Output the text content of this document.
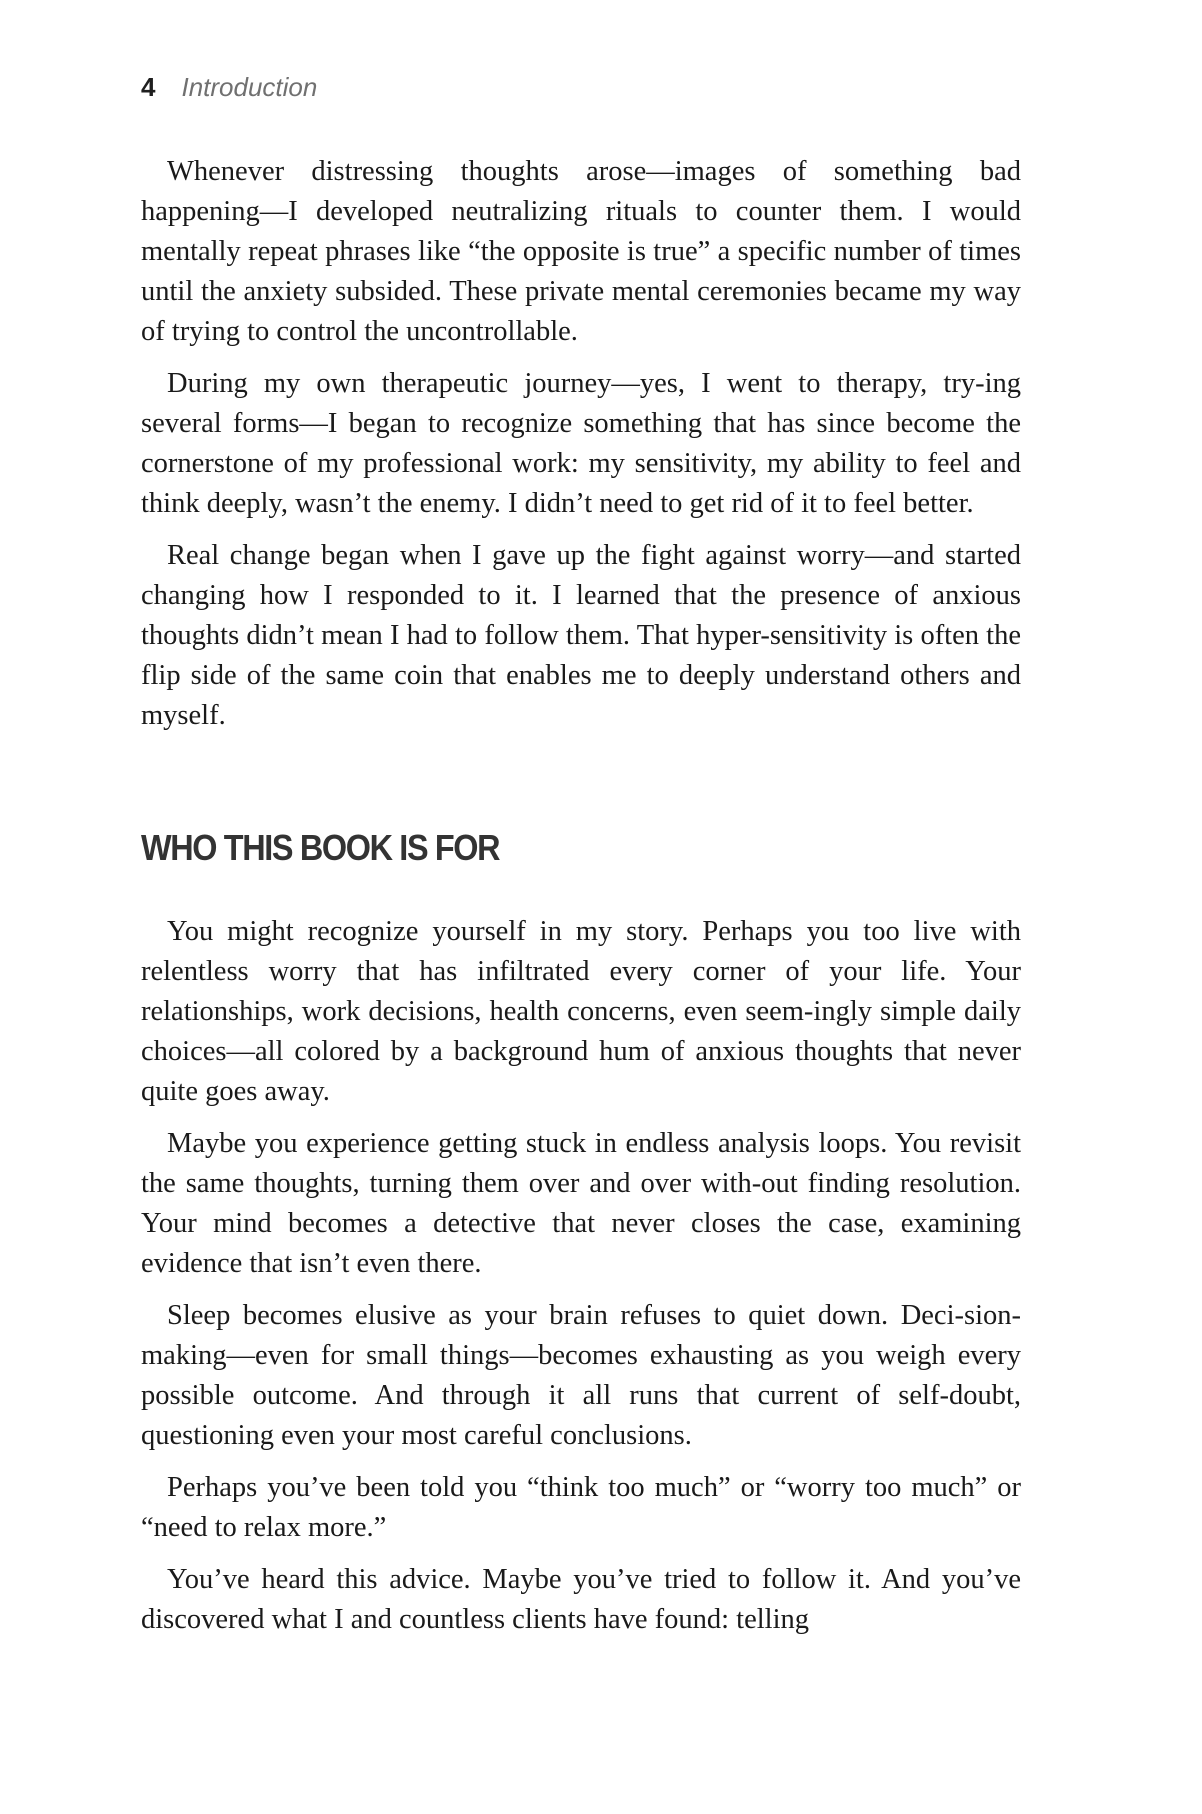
4 Introduction

Whenever distressing thoughts arose—images of something bad happening—I developed neutralizing rituals to counter them. I would mentally repeat phrases like “the opposite is true” a specific number of times until the anxiety subsided. These private mental ceremonies became my way of trying to control the uncontrollable.

During my own therapeutic journey—yes, I went to therapy, try-ing several forms—I began to recognize something that has since become the cornerstone of my professional work: my sensitivity, my ability to feel and think deeply, wasn’t the enemy. I didn’t need to get rid of it to feel better.

Real change began when I gave up the fight against worry—and started changing how I responded to it. I learned that the presence of anxious thoughts didn’t mean I had to follow them. That hyper-sensitivity is often the flip side of the same coin that enables me to deeply understand others and myself.

WHO THIS BOOK IS FOR

You might recognize yourself in my story. Perhaps you too live with relentless worry that has infiltrated every corner of your life. Your relationships, work decisions, health concerns, even seem-ingly simple daily choices—all colored by a background hum of anxious thoughts that never quite goes away.

Maybe you experience getting stuck in endless analysis loops. You revisit the same thoughts, turning them over and over with-out finding resolution. Your mind becomes a detective that never closes the case, examining evidence that isn’t even there.

Sleep becomes elusive as your brain refuses to quiet down. Deci-sion-making—even for small things—becomes exhausting as you weigh every possible outcome. And through it all runs that current of self-doubt, questioning even your most careful conclusions.

Perhaps you’ve been told you “think too much” or “worry too much” or “need to relax more.”

You’ve heard this advice. Maybe you’ve tried to follow it. And you’ve discovered what I and countless clients have found: telling
